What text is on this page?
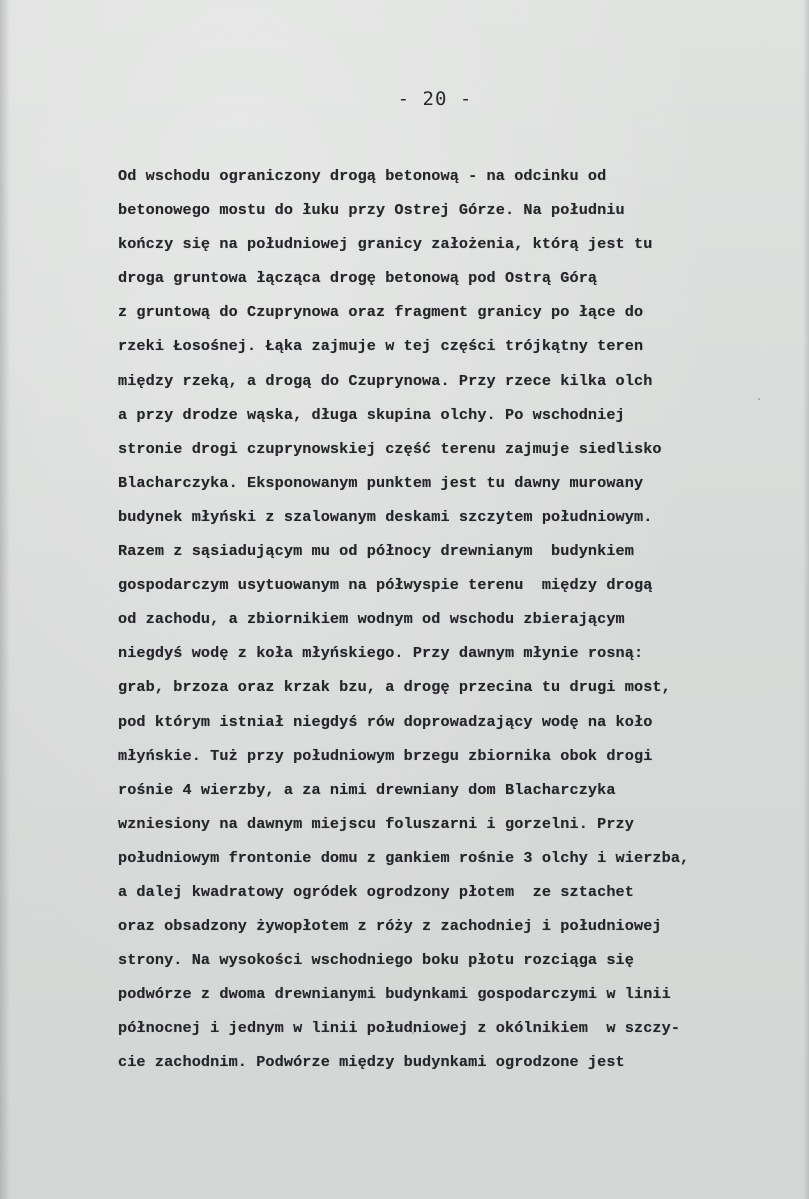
- 20 -
Od wschodu ograniczony drogą betonową - na odcinku od
betonowego mostu do łuku przy Ostrej Górze. Na południu
kończy się na południowej granicy założenia, którą jest tu
droga gruntowa łącząca drogę betonową pod Ostrą Górą
z gruntową do Czuprynowa oraz fragment granicy po łące do
rzeki Łosośnej. Łąka zajmuje w tej części trójkątny teren
między rzeką, a drogą do Czuprynowa. Przy rzece kilka olch
a przy drodze wąska, długa skupina olchy. Po wschodniej
stronie drogi czuprynowskiej część terenu zajmuje siedlisko
Blacharczyka. Eksponowanym punktem jest tu dawny murowany
budynek młyński z szalowanym deskami szczytem południowym.
Razem z sąsiadującym mu od północy drewnianym  budynkiem
gospodarczym usytuowanym na półwyspie terenu  między drogą
od zachodu, a zbiornikiem wodnym od wschodu zbierającym
niegdyś wodę z koła młyńskiego. Przy dawnym młynie rosną:
grab, brzoza oraz krzak bzu, a drogę przecina tu drugi most,
pod którym istniał niegdyś rów doprowadzający wodę na koło
młyńskie. Tuż przy południowym brzegu zbiornika obok drogi
rośnie 4 wierzby, a za nimi drewniany dom Blacharczyka
wzniesiony na dawnym miejscu foluszarni i gorzelni. Przy
południowym frontonie domu z gankiem rośnie 3 olchy i wierzba,
a dalej kwadratowy ogródek ogrodzony płotem  ze sztachet
oraz obsadzony żywopłotem z róży z zachodniej i południowej
strony. Na wysokości wschodniego boku płotu rozciąga się
podwórze z dwoma drewnianymi budynkami gospodarczymi w linii
północnej i jednym w linii południowej z okólnikiem  w szczy-
cie zachodnim. Podwórze między budynkami ogrodzone jest
